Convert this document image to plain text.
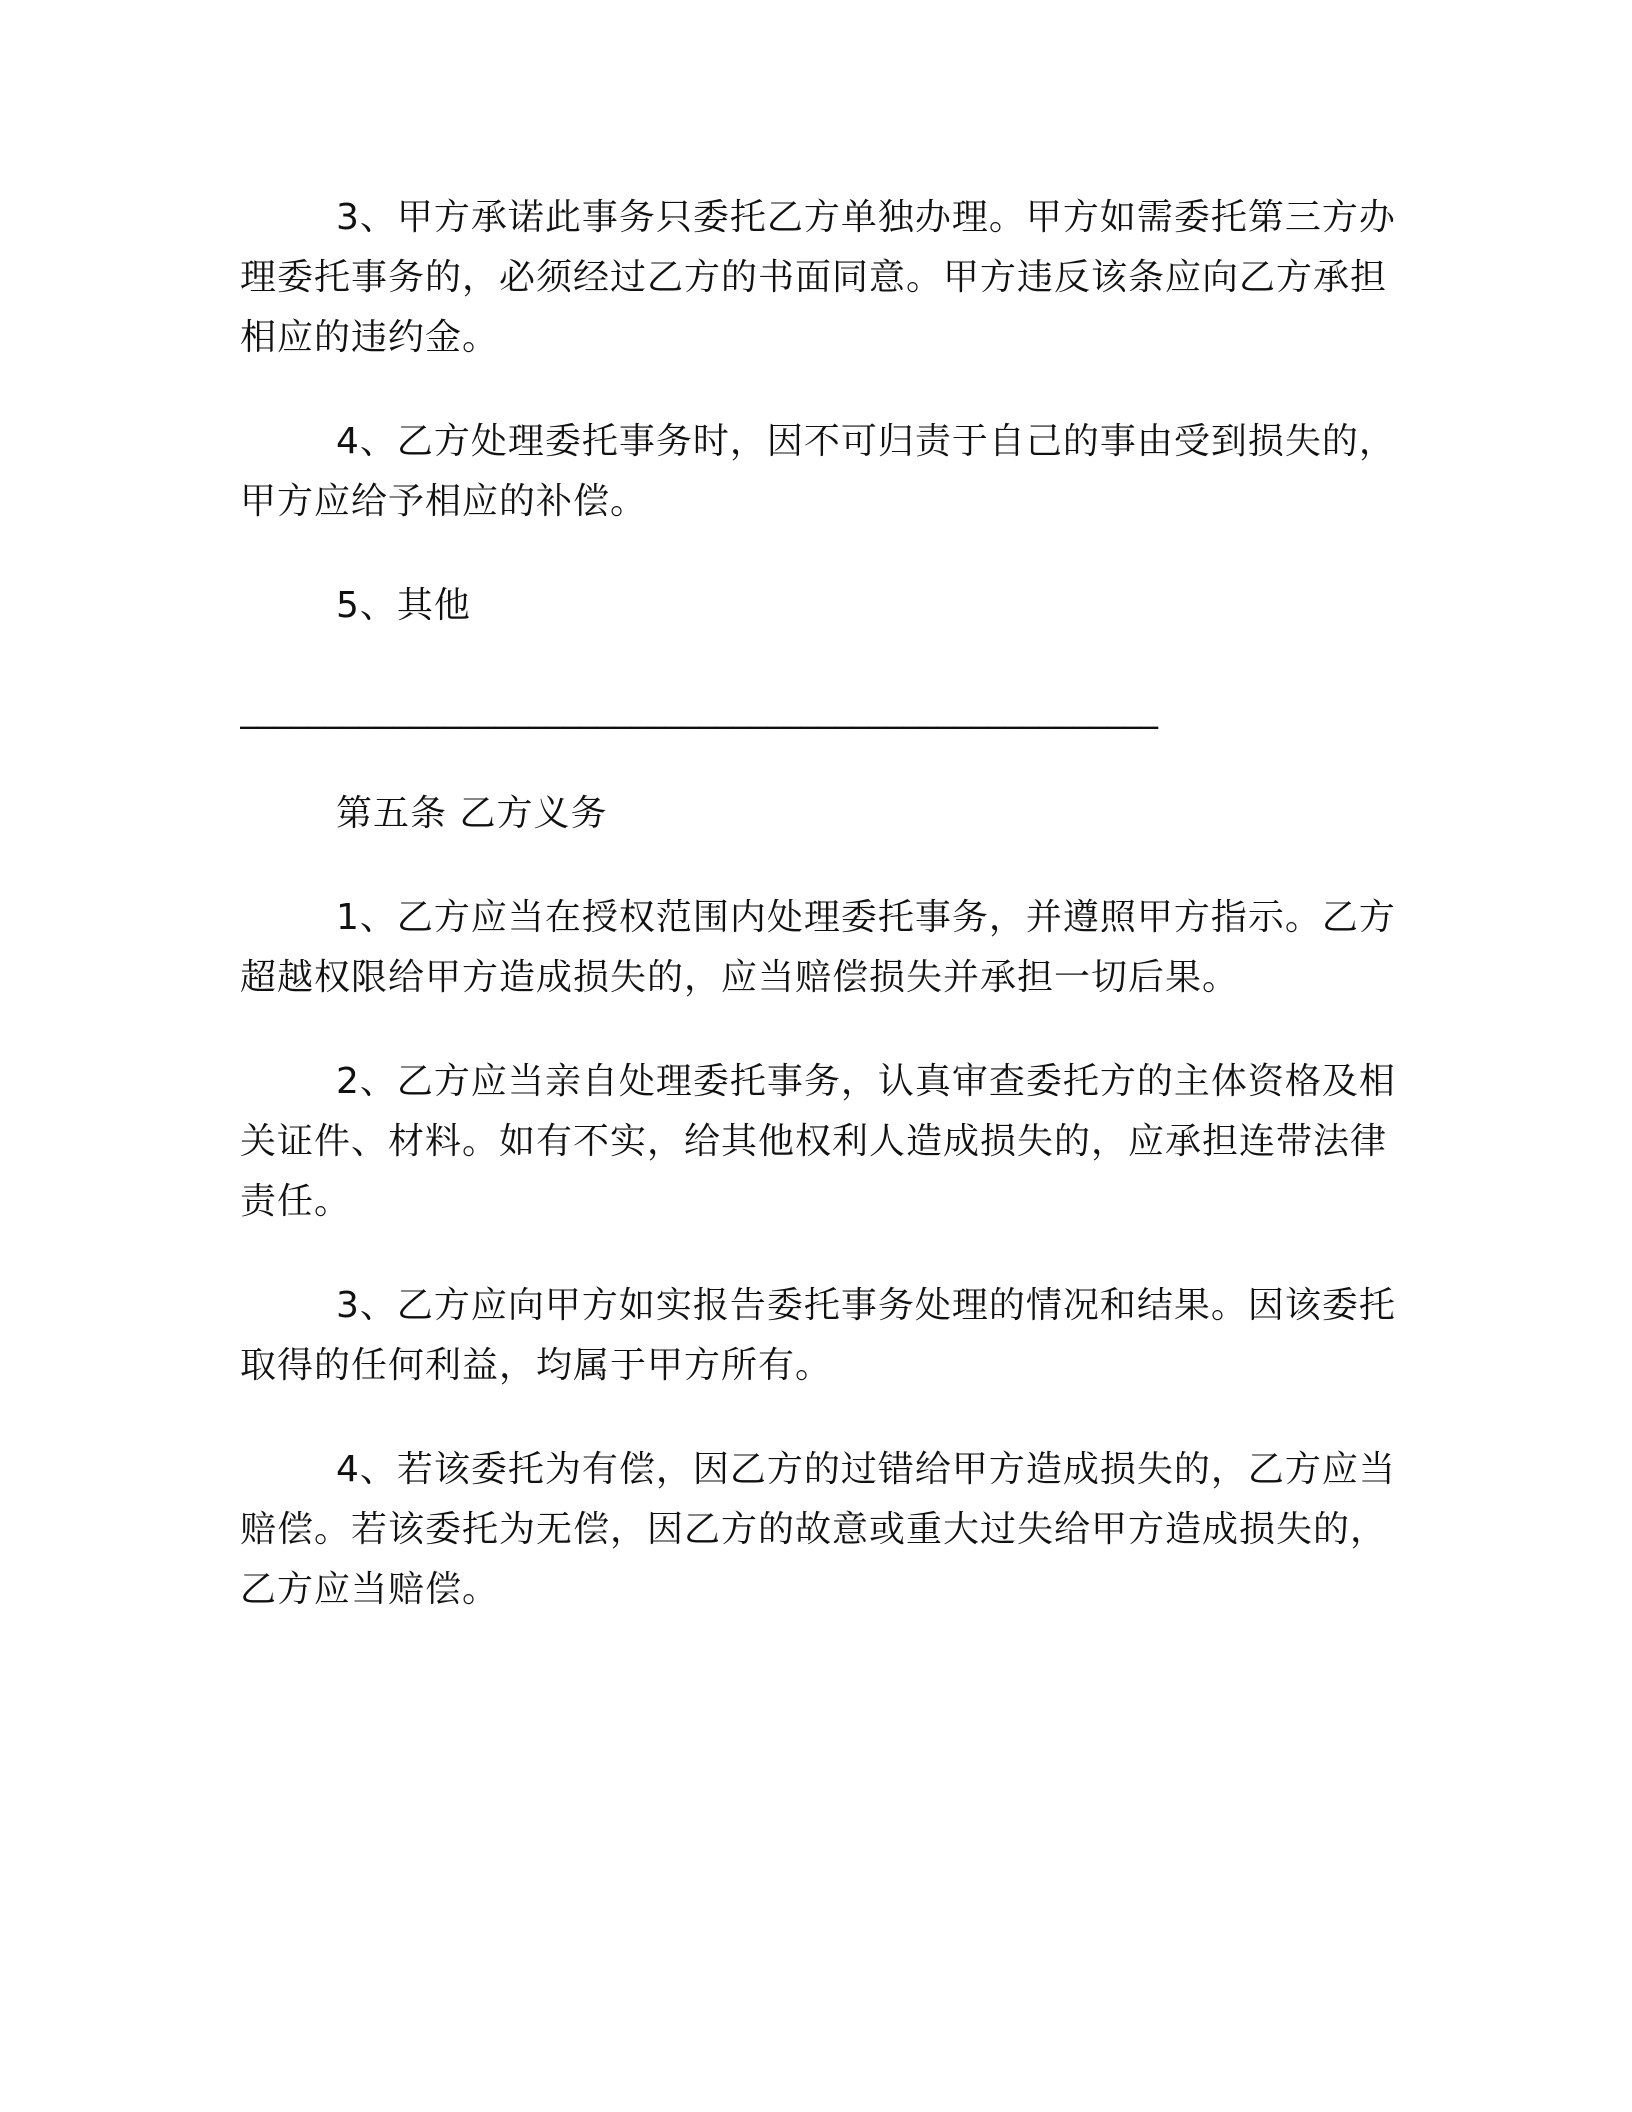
3、甲方承诺此事务只委托乙方单独办理。甲方如需委托第三方办理委托事务的，必须经过乙方的书面同意。甲方违反该条应向乙方承担相应的违约金。

4、乙方处理委托事务时，因不可归责于自己的事由受到损失的，甲方应给予相应的补偿。

5、其他

______________________________________________________

第五条 乙方义务

1、乙方应当在授权范围内处理委托事务，并遵照甲方指示。乙方超越权限给甲方造成损失的，应当赔偿损失并承担一切后果。

2、乙方应当亲自处理委托事务，认真审查委托方的主体资格及相关证件、材料。如有不实，给其他权利人造成损失的，应承担连带法律责任。

3、乙方应向甲方如实报告委托事务处理的情况和结果。因该委托取得的任何利益，均属于甲方所有。

4、若该委托为有偿，因乙方的过错给甲方造成损失的，乙方应当赔偿。若该委托为无偿，因乙方的故意或重大过失给甲方造成损失的，乙方应当赔偿。
